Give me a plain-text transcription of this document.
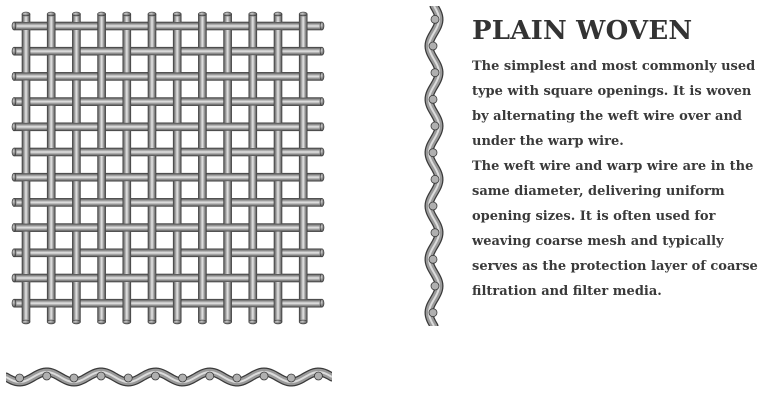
PLAIN WOVEN

The simplest and most commonly used type with square openings. It is woven by alternating the weft wire over and under the warp wire.

The weft wire and warp wire are in the same diameter, delivering uniform opening sizes. It is often used for weaving coarse mesh and typically serves as the protection layer of coarse filtration and filter media.
